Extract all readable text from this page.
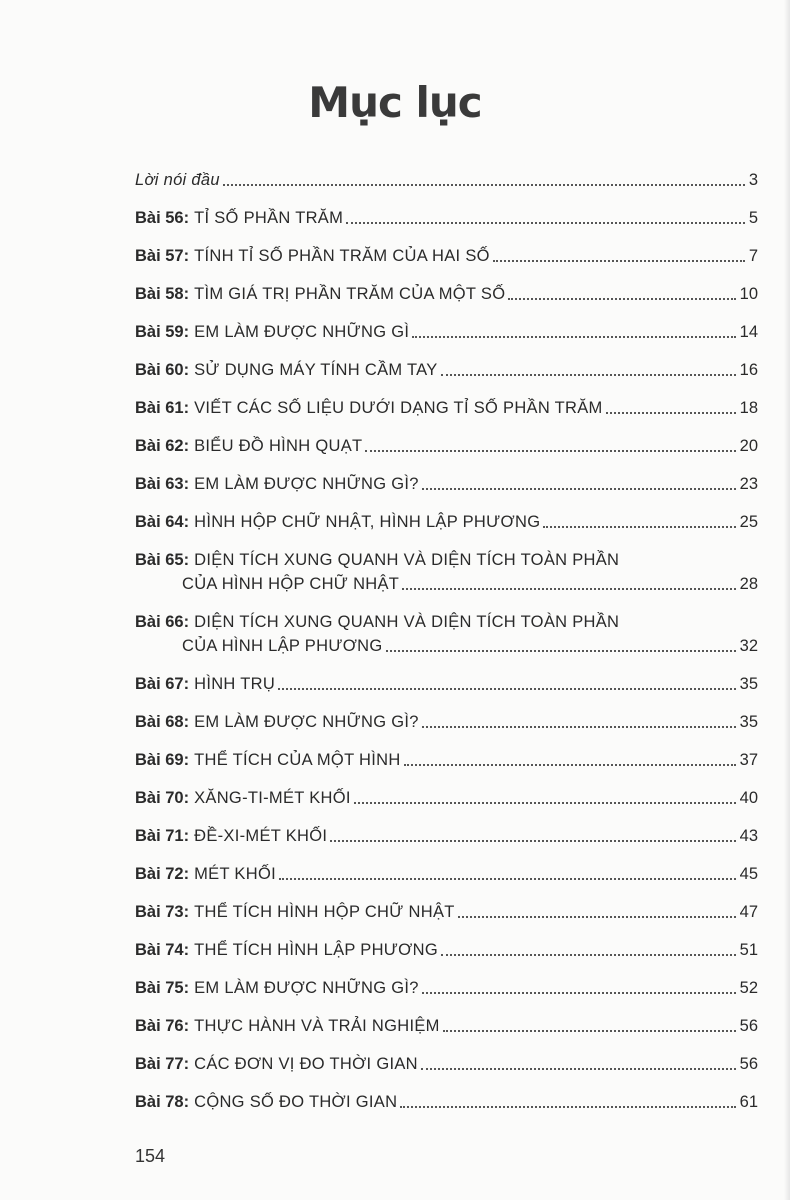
Mục lục
Lời nói đầu	3
Bài 56: TỈ SỐ PHẦN TRĂM	5
Bài 57: TÍNH TỈ SỐ PHẦN TRĂM CỦA HAI SỐ	7
Bài 58: TÌM GIÁ TRỊ PHẦN TRĂM CỦA MỘT SỐ	10
Bài 59: EM LÀM ĐƯỢC NHỮNG GÌ	14
Bài 60: SỬ DỤNG MÁY TÍNH CẦM TAY	16
Bài 61: VIẾT CÁC SỐ LIỆU DƯỚI DẠNG TỈ SỐ PHẦN TRĂM	18
Bài 62: BIỂU ĐỒ HÌNH QUẠT	20
Bài 63: EM LÀM ĐƯỢC NHỮNG GÌ?	23
Bài 64: HÌNH HỘP CHỮ NHẬT, HÌNH LẬP PHƯƠNG	25
Bài 65: DIỆN TÍCH XUNG QUANH VÀ DIỆN TÍCH TOÀN PHẦN
CỦA HÌNH HỘP CHỮ NHẬT	28
Bài 66: DIỆN TÍCH XUNG QUANH VÀ DIỆN TÍCH TOÀN PHẦN
CỦA HÌNH LẬP PHƯƠNG	32
Bài 67: HÌNH TRỤ	35
Bài 68: EM LÀM ĐƯỢC NHỮNG GÌ?	35
Bài 69: THỂ TÍCH CỦA MỘT HÌNH	37
Bài 70: XĂNG-TI-MÉT KHỐI	40
Bài 71: ĐỀ-XI-MÉT KHỐI	43
Bài 72: MÉT KHỐI	45
Bài 73: THỂ TÍCH HÌNH HỘP CHỮ NHẬT	47
Bài 74: THỂ TÍCH HÌNH LẬP PHƯƠNG	51
Bài 75: EM LÀM ĐƯỢC NHỮNG GÌ?	52
Bài 76: THỰC HÀNH VÀ TRẢI NGHIỆM	56
Bài 77: CÁC ĐƠN VỊ ĐO THỜI GIAN	56
Bài 78: CỘNG SỐ ĐO THỜI GIAN	61
154
